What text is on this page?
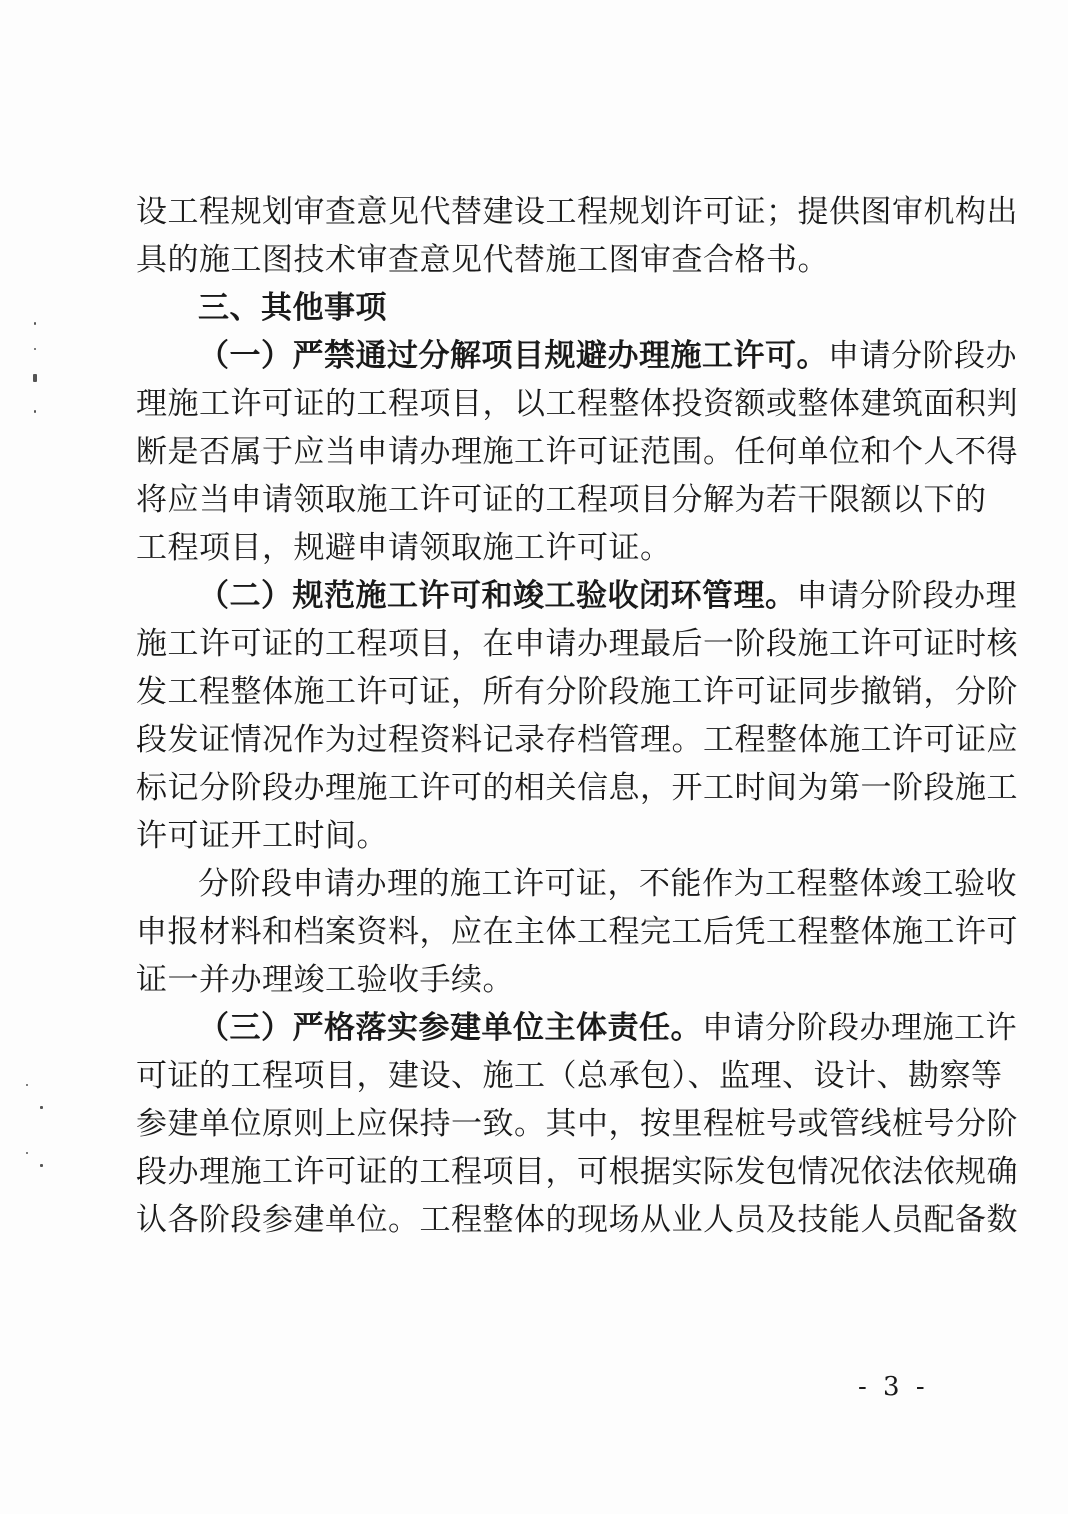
设工程规划审查意见代替建设工程规划许可证；提供图审机构出
具的施工图技术审查意见代替施工图审查合格书。
三、其他事项
（一）严禁通过分解项目规避办理施工许可。申请分阶段办
理施工许可证的工程项目，以工程整体投资额或整体建筑面积判
断是否属于应当申请办理施工许可证范围。任何单位和个人不得
将应当申请领取施工许可证的工程项目分解为若干限额以下的
工程项目，规避申请领取施工许可证。
（二）规范施工许可和竣工验收闭环管理。申请分阶段办理
施工许可证的工程项目，在申请办理最后一阶段施工许可证时核
发工程整体施工许可证，所有分阶段施工许可证同步撤销，分阶
段发证情况作为过程资料记录存档管理。工程整体施工许可证应
标记分阶段办理施工许可的相关信息，开工时间为第一阶段施工
许可证开工时间。
分阶段申请办理的施工许可证，不能作为工程整体竣工验收
申报材料和档案资料，应在主体工程完工后凭工程整体施工许可
证一并办理竣工验收手续。
（三）严格落实参建单位主体责任。申请分阶段办理施工许
可证的工程项目，建设、施工（总承包）、监理、设计、勘察等
参建单位原则上应保持一致。其中，按里程桩号或管线桩号分阶
段办理施工许可证的工程项目，可根据实际发包情况依法依规确
认各阶段参建单位。工程整体的现场从业人员及技能人员配备数
- 3 -
